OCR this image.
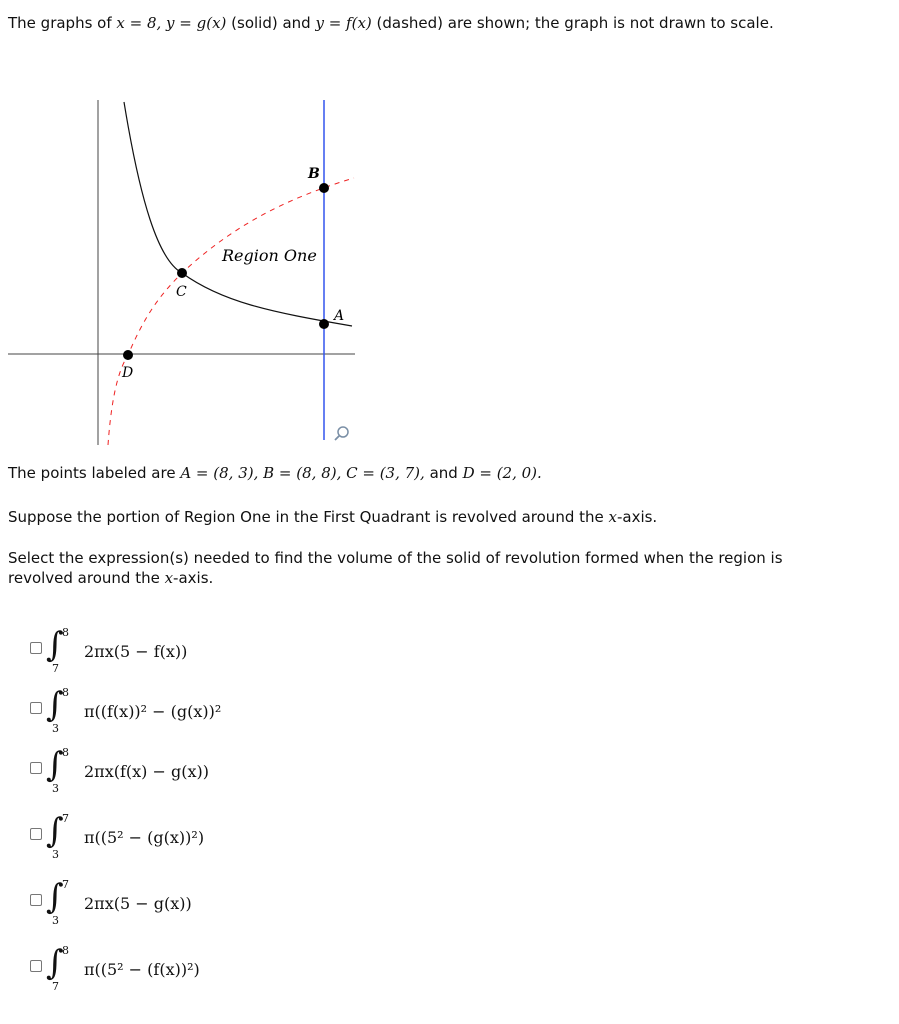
The graphs of x = 8, y = g(x) (solid) and y = f(x) (dashed) are shown; the graph is not drawn to scale.
B
A
C
D
Region One
The points labeled are A = (8, 3), B = (8, 8), C = (3, 7), and D = (2, 0).
Suppose the portion of Region One in the First Quadrant is revolved around the x-axis.
Select the expression(s) needed to find the volume of the solid of revolution formed when the region is
revolved around the x-axis.
∫
8
7
2πx(5 − f(x))
∫
8
3
π((f(x))² − (g(x))²
∫
8
3
2πx(f(x) − g(x))
∫
7
3
π((5² − (g(x))²)
∫
7
3
2πx(5 − g(x))
∫
8
7
π((5² − (f(x))²)
